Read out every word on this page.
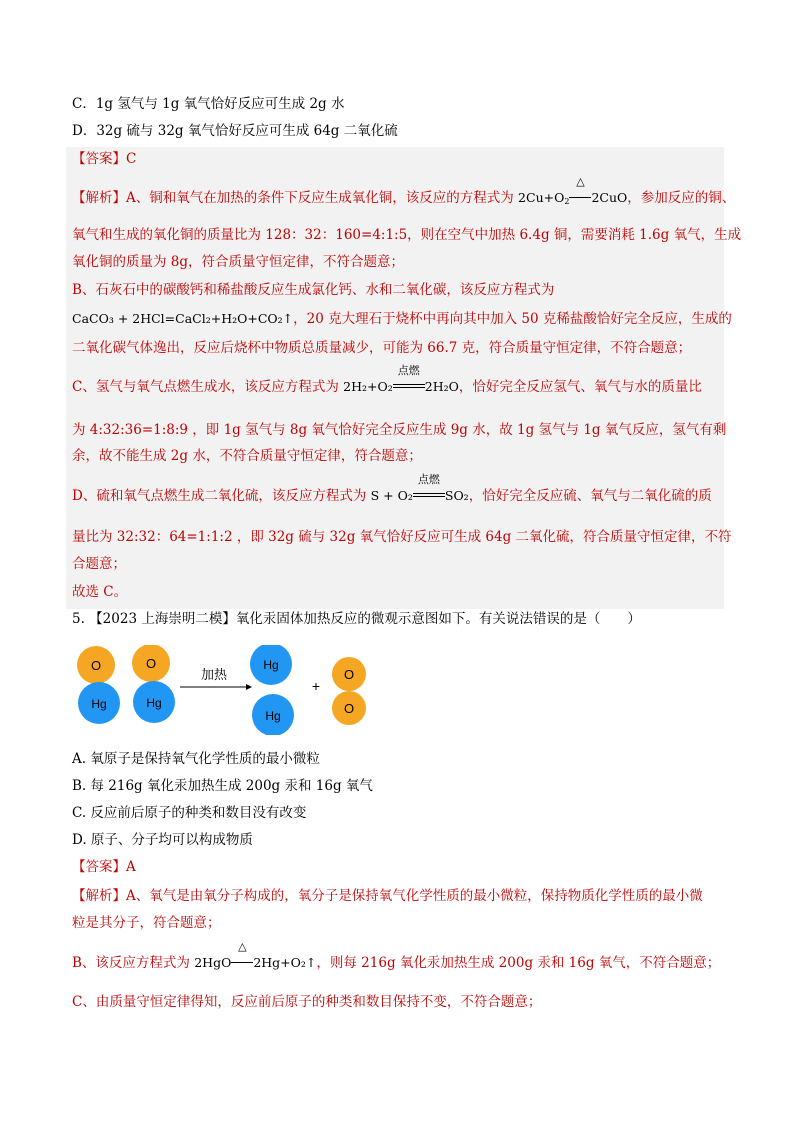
C．1g 氢气与 1g 氧气恰好反应可生成 2g 水
D．32g 硫与 32g 氧气恰好反应可生成 64g 二氧化硫
【答案】C
【解析】A、铜和氧气在加热的条件下反应生成氧化铜，该反应的方程式为 $2Cu+O_2$
△
2CuO，参加反应的铜、
氧气和生成的氧化铜的质量比为 128：32：160=4:1:5，则在空气中加热 6.4g 铜，需要消耗 1.6g 氧气，生成
氧化铜的质量为 8g，符合质量守恒定律，不符合题意；
B、石灰石中的碳酸钙和稀盐酸反应生成氯化钙、水和二氧化碳，该反应方程式为
CaCO₃ + 2HCl=CaCl₂+H₂O+CO₂↑，20 克大理石于烧杯中再向其中加入 50 克稀盐酸恰好完全反应，生成的
二氧化碳气体逸出，反应后烧杯中物质总质量减少，可能为 66.7 克，符合质量守恒定律，不符合题意；
C、氢气与氧气点燃生成水，该反应方程式为 2H₂+O₂
点燃
2H₂O，恰好完全反应氢气、氧气与水的质量比
为 4:32:36=1:8:9 ，即 1g 氢气与 8g 氧气恰好完全反应生成 9g 水，故 1g 氢气与 1g 氧气反应，氢气有剩
余，故不能生成 2g 水，不符合质量守恒定律，符合题意；
D、硫和氧气点燃生成二氧化硫，该反应方程式为 S + O₂
点燃
SO₂，恰好完全反应硫、氧气与二氧化硫的质
量比为 32:32：64=1:1:2 ，即 32g 硫与 32g 氧气恰好反应可生成 64g 二氧化硫，符合质量守恒定律，不符
合题意；
故选 C。
5. 【2023 上海崇明二模】氧化汞固体加热反应的微观示意图如下。有关说法错误的是（　　）
O
Hg
O
Hg
加热
Hg
Hg
+
O
O
A. 氧原子是保持氧气化学性质的最小微粒
B. 每 216g 氧化汞加热生成 200g 汞和 16g 氧气
C. 反应前后原子的种类和数目没有改变
D. 原子、分子均可以构成物质
【答案】A
【解析】A、氧气是由氧分子构成的，氧分子是保持氧气化学性质的最小微粒，保持物质化学性质的最小微
粒是其分子，符合题意；
B、该反应方程式为 2HgO
△
2Hg+O₂↑，则每 216g 氧化汞加热生成 200g 汞和 16g 氧气，不符合题意；
C、由质量守恒定律得知，反应前后原子的种类和数目保持不变，不符合题意；
